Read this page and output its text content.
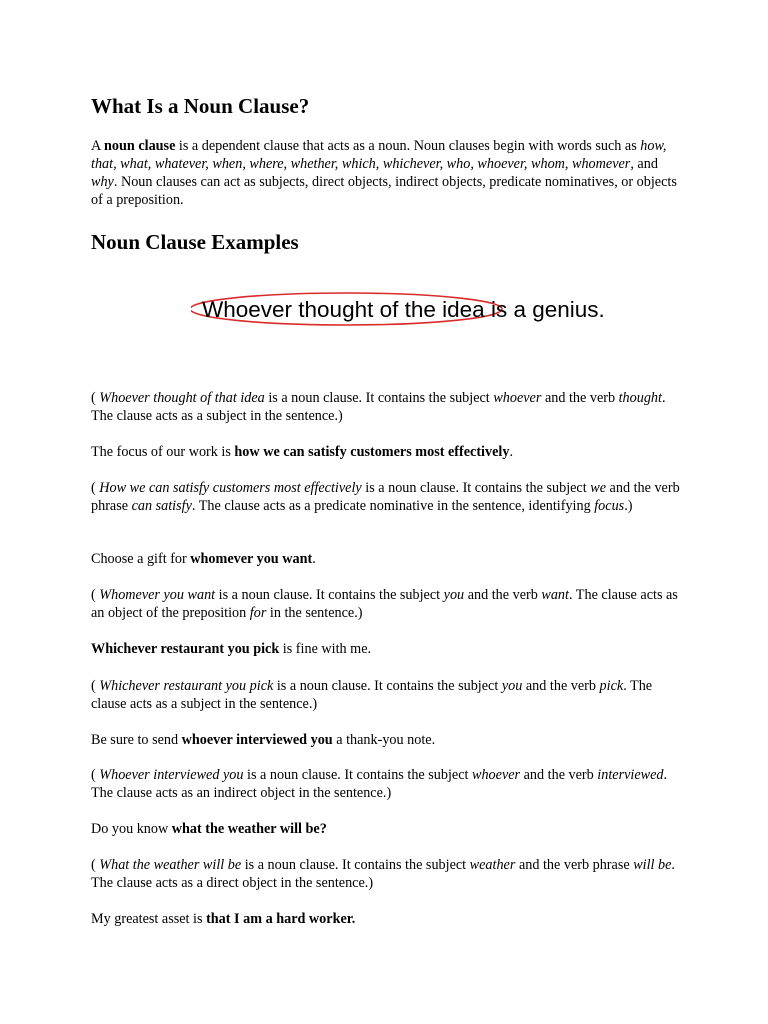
What Is a Noun Clause?

A noun clause is a dependent clause that acts as a noun. Noun clauses begin with words such as how, that, what, whatever, when, where, whether, which, whichever, who, whoever, whom, whomever, and why. Noun clauses can act as subjects, direct objects, indirect objects, predicate nominatives, or objects of a preposition.

Noun Clause Examples
Whoever thought of the idea is a genius.

( Whoever thought of that idea is a noun clause. It contains the subject whoever and the verb thought. The clause acts as a subject in the sentence.)

The focus of our work is how we can satisfy customers most effectively.

( How we can satisfy customers most effectively is a noun clause. It contains the subject we and the verb phrase can satisfy. The clause acts as a predicate nominative in the sentence, identifying focus.)

Choose a gift for whomever you want.

( Whomever you want is a noun clause. It contains the subject you and the verb want. The clause acts as an object of the preposition for in the sentence.)

Whichever restaurant you pick is fine with me.

( Whichever restaurant you pick is a noun clause. It contains the subject you and the verb pick. The clause acts as a subject in the sentence.)

Be sure to send whoever interviewed you a thank-you note.

( Whoever interviewed you is a noun clause. It contains the subject whoever and the verb interviewed. The clause acts as an indirect object in the sentence.)

Do you know what the weather will be?

( What the weather will be is a noun clause. It contains the subject weather and the verb phrase will be. The clause acts as a direct object in the sentence.)

My greatest asset is that I am a hard worker.
